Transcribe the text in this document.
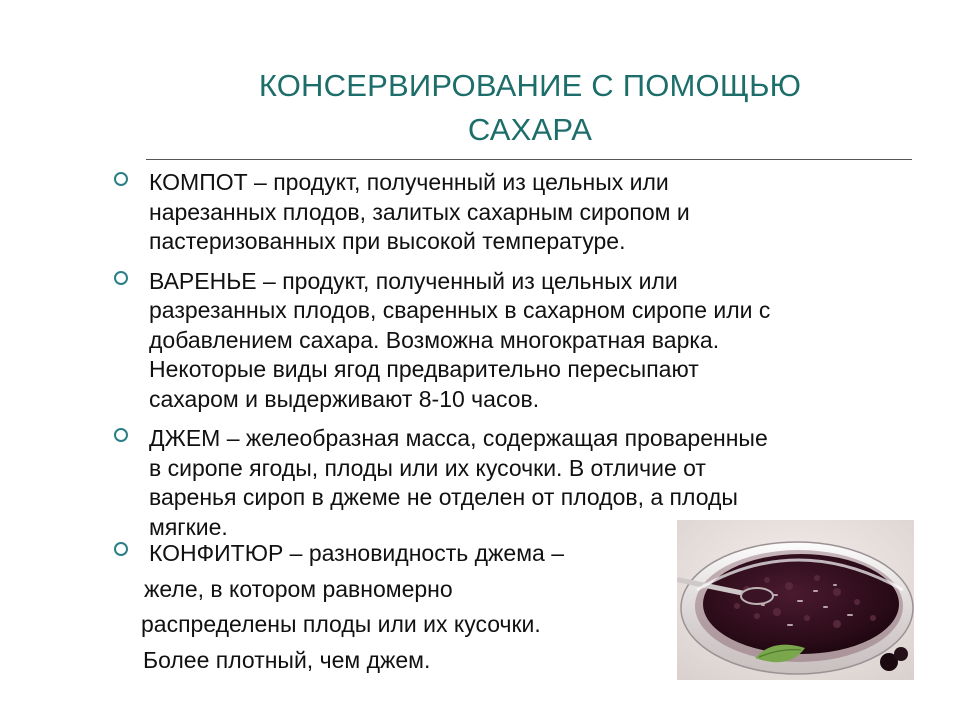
КОНСЕРВИРОВАНИЕ С ПОМОЩЬЮ
САХАРА
КОМПОТ – продукт, полученный из цельных или
нарезанных плодов, залитых сахарным сиропом и
пастеризованных при высокой температуре.
ВАРЕНЬЕ – продукт, полученный из цельных или
разрезанных плодов, сваренных в сахарном сиропе или с
добавлением сахара. Возможна многократная варка.
Некоторые виды ягод предварительно пересыпают
сахаром и выдерживают 8-10 часов.
ДЖЕМ – желеобразная масса, содержащая проваренные
в сиропе ягоды, плоды или их кусочки. В отличие от
варенья сироп в джеме не отделен от плодов, а плоды
мягкие.
КОНФИТЮР – разновидность джема –
желе, в котором равномерно
распределены плоды или их кусочки.
Более плотный, чем джем.
